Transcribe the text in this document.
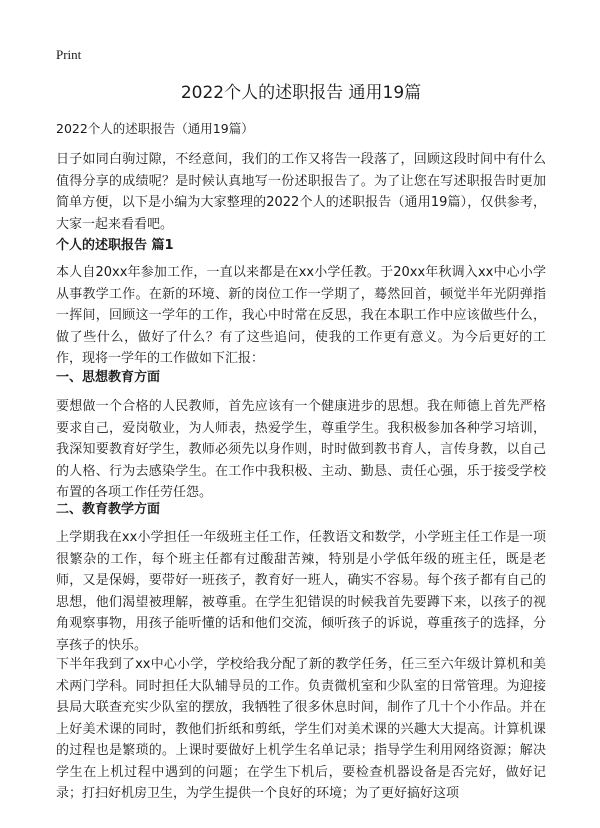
Print
2022个人的述职报告 通用19篇
2022个人的述职报告（通用19篇）

日子如同白驹过隙，不经意间，我们的工作又将告一段落了，回顾这段时间中有什么值得分享的成绩呢？是时候认真地写一份述职报告了。为了让您在写述职报告时更加简单方便，以下是小编为大家整理的2022个人的述职报告（通用19篇），仅供参考，大家一起来看看吧。

个人的述职报告 篇1

本人自20xx年参加工作，一直以来都是在xx小学任教。于20xx年秋调入xx中心小学从事教学工作。在新的环境、新的岗位工作一学期了，蓦然回首，顿觉半年光阴弹指一挥间，回顾这一学年的工作，我心中时常在反思，我在本职工作中应该做些什么，做了些什么，做好了什么？有了这些追问，使我的工作更有意义。为今后更好的工作，现将一学年的工作做如下汇报：

一、思想教育方面

要想做一个合格的人民教师，首先应该有一个健康进步的思想。我在师德上首先严格要求自己，爱岗敬业，为人师表，热爱学生，尊重学生。我积极参加各种学习培训，我深知要教育好学生，教师必须先以身作则，时时做到教书育人，言传身教，以自己的人格、行为去感染学生。在工作中我积极、主动、勤恳、责任心强，乐于接受学校布置的各项工作任劳任怨。

二、教育教学方面

上学期我在xx小学担任一年级班主任工作，任教语文和数学，小学班主任工作是一项很繁杂的工作，每个班主任都有过酸甜苦辣，特别是小学低年级的班主任，既是老师，又是保姆，要带好一班孩子，教育好一班人，确实不容易。每个孩子都有自己的思想，他们渴望被理解，被尊重。在学生犯错误的时候我首先要蹲下来，以孩子的视角观察事物，用孩子能听懂的话和他们交流，倾听孩子的诉说，尊重孩子的选择，分享孩子的快乐。

下半年我到了xx中心小学，学校给我分配了新的教学任务，任三至六年级计算机和美术两门学科。同时担任大队辅导员的工作。负责微机室和少队室的日常管理。为迎接县局大联查充实少队室的摆放，我牺牲了很多休息时间，制作了几十个小作品。并在上好美术课的同时，教他们折纸和剪纸，学生们对美术课的兴趣大大提高。计算机课的过程也是繁琐的。上课时要做好上机学生名单记录；指导学生利用网络资源；解决学生在上机过程中遇到的问题；在学生下机后，要检查机器设备是否完好，做好记录；打扫好机房卫生，为学生提供一个良好的环境；为了更好搞好这项
